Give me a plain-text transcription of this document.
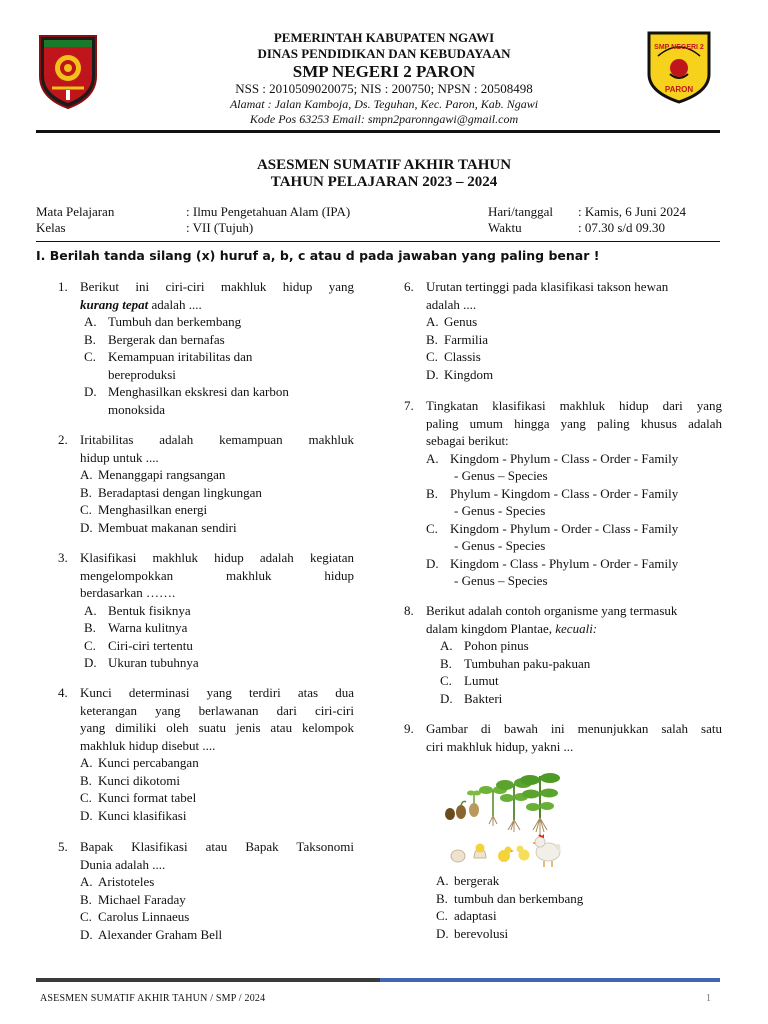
PEMERINTAH KABUPATEN NGAWI
DINAS PENDIDIKAN DAN KEBUDAYAAN
SMP NEGERI 2 PARON
NSS : 2010509020075; NIS : 200750; NPSN : 20508498
Alamat : Jalan Kamboja, Ds. Teguhan, Kec. Paron, Kab. Ngawi
Kode Pos 63253 Email: smpn2paronngawi@gmail.com
SMP NEGERI 2
PARON
ASESMEN SUMATIF AKHIR TAHUN
TAHUN PELAJARAN 2023 – 2024
Mata Pelajaran	: Ilmu Pengetahuan Alam (IPA)
Kelas	: VII (Tujuh)
Hari/tanggal : Kamis, 6 Juni 2024
Waktu	: 07.30 s/d 09.30
I. Berilah tanda silang (x) huruf a, b, c atau d pada jawaban yang paling benar !
1. Berikut ini ciri-ciri makhluk hidup yang
kurang tepat adalah ....
A. Tumbuh dan berkembang
B. Bergerak dan bernafas
C. Kemampuan iritabilitas dan
bereproduksi
D. Menghasilkan ekskresi dan karbon
monoksida
2. Iritabilitas adalah kemampuan makhluk
hidup untuk ....
A. Menanggapi rangsangan
B. Beradaptasi dengan lingkungan
C. Menghasilkan energi
D. Membuat makanan sendiri
3. Klasifikasi makhluk hidup adalah kegiatan
mengelompokkan makhluk hidup
berdasarkan …….
A. Bentuk fisiknya
B. Warna kulitnya
C. Ciri-ciri tertentu
D. Ukuran tubuhnya
4. Kunci determinasi yang terdiri atas dua
keterangan yang berlawanan dari ciri-ciri
yang dimiliki oleh suatu jenis atau kelompok
makhluk hidup disebut ....
A. Kunci percabangan
B. Kunci dikotomi
C. Kunci format tabel
D. Kunci klasifikasi
5. Bapak Klasifikasi atau Bapak Taksonomi
Dunia adalah ....
A. Aristoteles
B. Michael Faraday
C. Carolus Linnaeus
D. Alexander Graham Bell
6. Urutan tertinggi pada klasifikasi takson hewan
adalah ....
A. Genus
B. Farmilia
C. Classis
D. Kingdom
7. Tingkatan klasifikasi makhluk hidup dari yang
paling umum hingga yang paling khusus adalah
sebagai berikut:
A. Kingdom - Phylum - Class - Order - Family
- Genus – Species
B. Phylum - Kingdom - Class - Order - Family
- Genus - Species
C. Kingdom - Phylum - Order - Class - Family
- Genus - Species
D. Kingdom - Class - Phylum - Order - Family
- Genus – Species
8. Berikut adalah contoh organisme yang termasuk
dalam kingdom Plantae, kecuali:
A. Pohon pinus
B. Tumbuhan paku-pakuan
C. Lumut
D. Bakteri
9. Gambar di bawah ini menunjukkan salah satu
ciri makhluk hidup, yakni ...
A. bergerak
B. tumbuh dan berkembang
C. adaptasi
D. berevolusi
ASESMEN SUMATIF AKHIR TAHUN / SMP / 2024	1
